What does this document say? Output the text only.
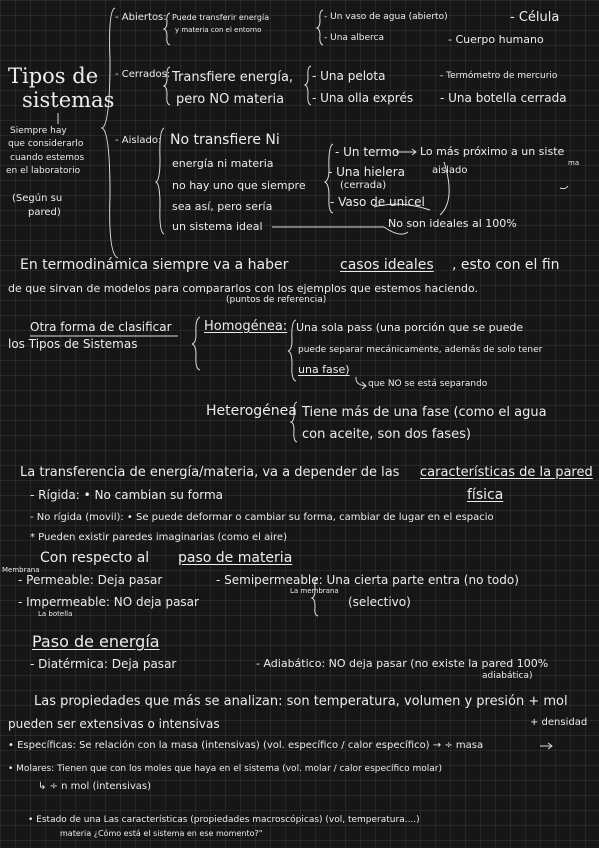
Tipos de
sistemas
Siempre hay
que considerarlo
cuando estemos
en el laboratorio
(Según su
pared)
- Abiertos: Puede transferir energía
y materia con el entorno
- Un vaso de agua (abierto)
- Una alberca
- Célula
- Cuerpo humano
- Cerrados: Transfiere energía,
pero NO materia
- Una pelota
- Una olla exprés
- Termómetro de mercurio
- Una botella cerrada
- Aislado: No transfiere Ni
energía ni materia
no hay uno que siempre
sea así, pero sería
un sistema ideal
- Un termo Lo más próximo a un siste
ma
- Una hielera	aislado
(cerrada)
- Vaso de unicel
No son ideales al 100%
En termodinámica siempre va a haber	casos ideales , esto con el fin
de que sirvan de modelos para compararlos con los ejemplos que estemos haciendo.
(puntos de referencia)
Otra forma de clasificar
los Tipos de Sistemas
Homogénea: Una sola pass (una porción que se puede
puede separar mecánicamente, además de solo tener
una fase)
que NO se está separando
Heterogénea Tiene más de una fase (como el agua
con aceite, son dos fases)
La transferencia de energía/materia, va a depender de las características de la pared
física
- Rígida: • No cambian su forma
- No rígida (movil): • Se puede deformar o cambiar su forma, cambiar de lugar en el espacio
* Pueden existir paredes imaginarias (como el aire)
Con respecto al paso de materia
Membrana
- Permeable: Deja pasar	- Semipermeable: Una cierta parte entra (no todo)
La membrana
(selectivo)
- Impermeable: NO deja pasar
La botella
Paso de energía
- Diatérmica: Deja pasar	- Adiabático: NO deja pasar (no existe la pared 100%
adiabática)
Las propiedades que más se analizan: son temperatura, volumen y presión + mol
pueden ser extensivas o intensivas	+ densidad
• Específicas: Se relación con la masa (intensivas) (vol. específico / calor específico) → ÷ masa
• Molares: Tienen que con los moles que haya en el sistema (vol. molar / calor específico molar)
↳ ÷ n mol (intensivas)
• Estado de una Las características (propiedades macroscópicas) (vol, temperatura....)
materia ¿Cómo está el sistema en ese momento?"
